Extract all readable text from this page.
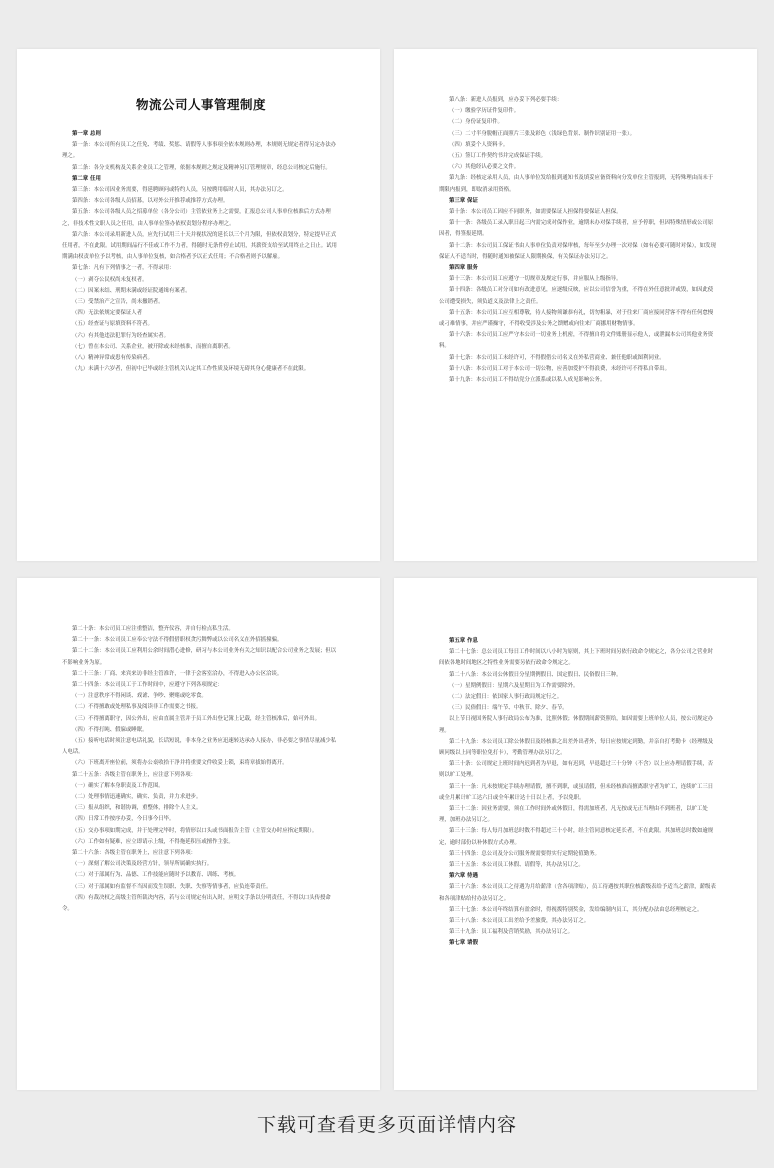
物流公司人事管理制度
第一章 总则
第一条：本公司所有员工之任免、考绩、奖惩、请假等人事事项全依本规则办理，本规则无规定者得另定办法办理之。
第二条：各分支机构及关系企业员工之管理，依据本规则之规定及精神另订管理规章，经总公司核定后施行。
第二章 任用
第三条：本公司因业务需要，得延聘顾问或特约人员，另按聘用临时人员，其办法另订之。
第四条：本公司各级人员招募，以对外公开推荐或推荐方式办理。
第五条：本公司各级人员之招募单位（各分公司）主管依业务上之需要，汇报总公司人事单位核准后方式办理之，非技术性文职人员之任用，由人事单位签办依权责划分程序办理之。
第六条：本公司录用新进人员，应先行试用三十天并视状况的延长以三个月为限，但依权责划分，特定提早正式任用者，不在此限。试用期间品行不佳或工作不力者，得随时无条件停止试用，其薪资支给至试用终止之日止。试用期满由权责单位予以考核，由人事单位复核，如合格者予以正式任用；不合格者则予以解雇。
第七条：凡有下列情事之一者，不得录用：
（一）剥夺公民权尚未复权者。
（二）因案未结、刑期未满或经证院通缉有案者。
（三）受禁治产之宣告，尚未撤销者。
（四）无法依规定要保证人者
（五）经查证与原填资料不符者。
（六）有其他违法犯罪行为经查属实者。
（七）曾在本公司、关系企业，被开除或未经核准，而擅自离职者。
（八）精神异常或患有传染病者。
（九）未满十六岁者，但初中已毕或经主管机关认定其工作性质及环境无碍其身心健康者不在此限。
第八条：新进人员报到，应办妥下列必要手续：
（一）缴验学历证件复印件。
（二）身份证复印件。
（三）二寸半身脱帽正面照片三张及彩色（浅绿色背景、制作识别证用一张）。
（四）填妥个人资料卡。
（五）签订工作契约书并完成保证手续。
（六）其他经认必要之文件。
第九条：经核定录用人员，由人事单位发给报到通知书及填妥应备资料向分发单位主管报到，无特殊理由而未于期限内报到，即取消录用资格。
第三章 保证
第十条：本公司员工因应不同职务，如需要保证人担保得要保证人担保。
第十一条：各级员工录入职日起三内需完成对保作业，逾期未办对保手续者，应予停职，但因特殊情形或公司原因者，得签报延期。
第十二条：本公司员工保证书由人事单位负责对保审核，每年至少办理一次对保（如有必要可随时对保），如发现保证人不适当时，得随时通知被保证人限期换保，有关保证办法另订之。
第四章 服务
第十三条：本公司员工应遵守一切规章及规定行事，并应服从上级指导。
第十四条：各级员工对分司如有改进意见，应逐级反映，应以公司信誉为重，不得在外任意批评或毁，如因此使公司遭受损失，须负道义及法律上之责任。
第十五条：本公司员工应互相尊敬，待人接物须谦恭有礼，切勿粗暴，对于往来厂商应接同营客不得有任何怠慢或刁难情事，并应严谨操守，不得收受涉及公务之馈赠或向往来厂商挪用财物情事。
第十六条：本公司员工应严守本公司一切业务上机密，不得擅自将文件账册显示他人，或泄漏本公司其他业务资料。
第十七条：本公司员工未经许可，不得假借公司名义在外私营商业、兼任他职或图利同业。
第十八条：本公司员工对于本公司一切公物，应善加爱护不得浪费，未经许可不得私自带出。
第十九条：本公司员工不得结党分立派系或以私人成见影响公务。
第二十条：本公司员工应注重整洁，整齐仪容，并自行检点私生活。
第二十一条：本公司员工应奉公守法不得假借职权贪污舞弊或以公司名义在外招摇撞骗。
第二十二条：本公司员工应利用公余时间潜心进修，研习与本公司业务有关之知识以配合公司业务之发展；但以不影响业务为原。
第二十三条：厂商、来宾来访非经主管准许，一律于会客室洽办，不得进入办公区洽谈。
第二十四条：本公司员工于工作时间中，应遵守下列各项规定：
（一）注意秩序不得闲谈、戏谑、争吵、聚赌或吃零食。
（二）不得擅敢或处理私事及阅读非工作需要之书报。
（三）不得擅离职守，因公外出，应由直属主管并于员工外出登记簿上记载，经主管核准后，始可外出。
（四）不得打盹、假寐或睡眠。
（五）接听电话时须注意电话礼貌，长话短说，非本身之业务应迅速转达承办人接办，非必要之事情尽量减少私人电话。
（六）下班离开座位前，须将办公桌收拾干净并将重要文件收妥上锁，束将章拔始得离开。
第二十五条：各级主管在职务上，应注意下列各项：
（一）确实了解本身职责及工作范围。
（二）处理事情迅速确实，确实、负责，并力求进步。
（三）报从组织，和谐协调，重整体，排除个人主义。
（四）日常工作按序办妥，今日事今日毕。
（五）交办事项如期完成，并于处理完毕时，将情形以口头或书面报告主管（主管交办时应指定期限）。
（六）工作如有疑难，应立即请示上级，不得拖延积压或擅作主张。
第二十六条：各级主管在职务上，应注意下列各项：
（一）深刻了解公司决策及经营方针，领导所属确实执行。
（二）对于部属行为、品德、工作技能应随时予以教育、训练、考核。
（三）对于部属如有监督不当因而发生误职、失职、失察等情事者，应负连带责任。
（四）有裁决权之高级主管所裁决内容，若与公司规定有出入时，应明文手条以分明责任，不得以口头传授命令。
第五章 作息
第二十七条：总公司员工每日工作时间以八小时为原则，其上下班时间另依行政命令规定之，各分公司之营业时间依各地时间地区之特性业务需要另依行政命令规定之。
第二十八条：本公司公休假日分星期例假日、国定假日、民俗假日三种。
（一）星期例假日：星期六及星期日为工作需要除外。
（二）法定假日：依国家人事行政局规定行之。
（三）民俗假日：端午节、中秋节、除夕、春节。
以上节日视国务院人事行政局公布为准，比照休假；休假期间薪资照给，如因需要上班单位人员，按公司规定办理。
第二十九条：本公司员工除公休假日及经核准之出差外出者外，每日应按规定到勤，并亲自打考勤卡（经理级及顾问级以上同等职位免打卡），考勤管理办法另订之。
第三十条：公司规定上班时间内迟到者为早退，如有迟到，早退超过三十分钟（不含）以上应办理请假手续，否则以旷工处理。
第三十一条：凡未按规定手续办理请假，擅不到职，或虽请假，但未经核准而擅离职守者为旷工，连续旷工三日或全月累计旷工达六日或全年累计达十日以上者，予以免职。
第三十二条：因业务需要，须在工作时间外或休假日，得需加班者，凡无按或无正当理由不到班者，以旷工处理，加班办法另订之。
第三十三条：每人每月加班总时数不得超过三十小时，经主管同意核定延长者，不在此限。其加班总时数如逾规定，逾时部份以补休假方式办理。
第三十四条：总公司及分公司服务规需要得实行定期轮值勤务。
第三十五条：本公司员工休假、请假等，其办法另订之。
第六章 待遇
第三十六条：本公司员工之待遇为月给薪津（含各项津贴），员工待遇按其职位核薪级表给予适当之薪津，薪级表和各项津贴给付办法另订之。
第三十七条：本公司年终结算有盈余时，得视拨特别奖金，发给编制内员工，其分配办法由总经理核定之。
第三十八条：本公司员工出差给予差旅费，其办法另订之。
第三十九条：员工福利及营销奖励，其办法另订之。
第七章 请假
下载可查看更多页面详情内容
